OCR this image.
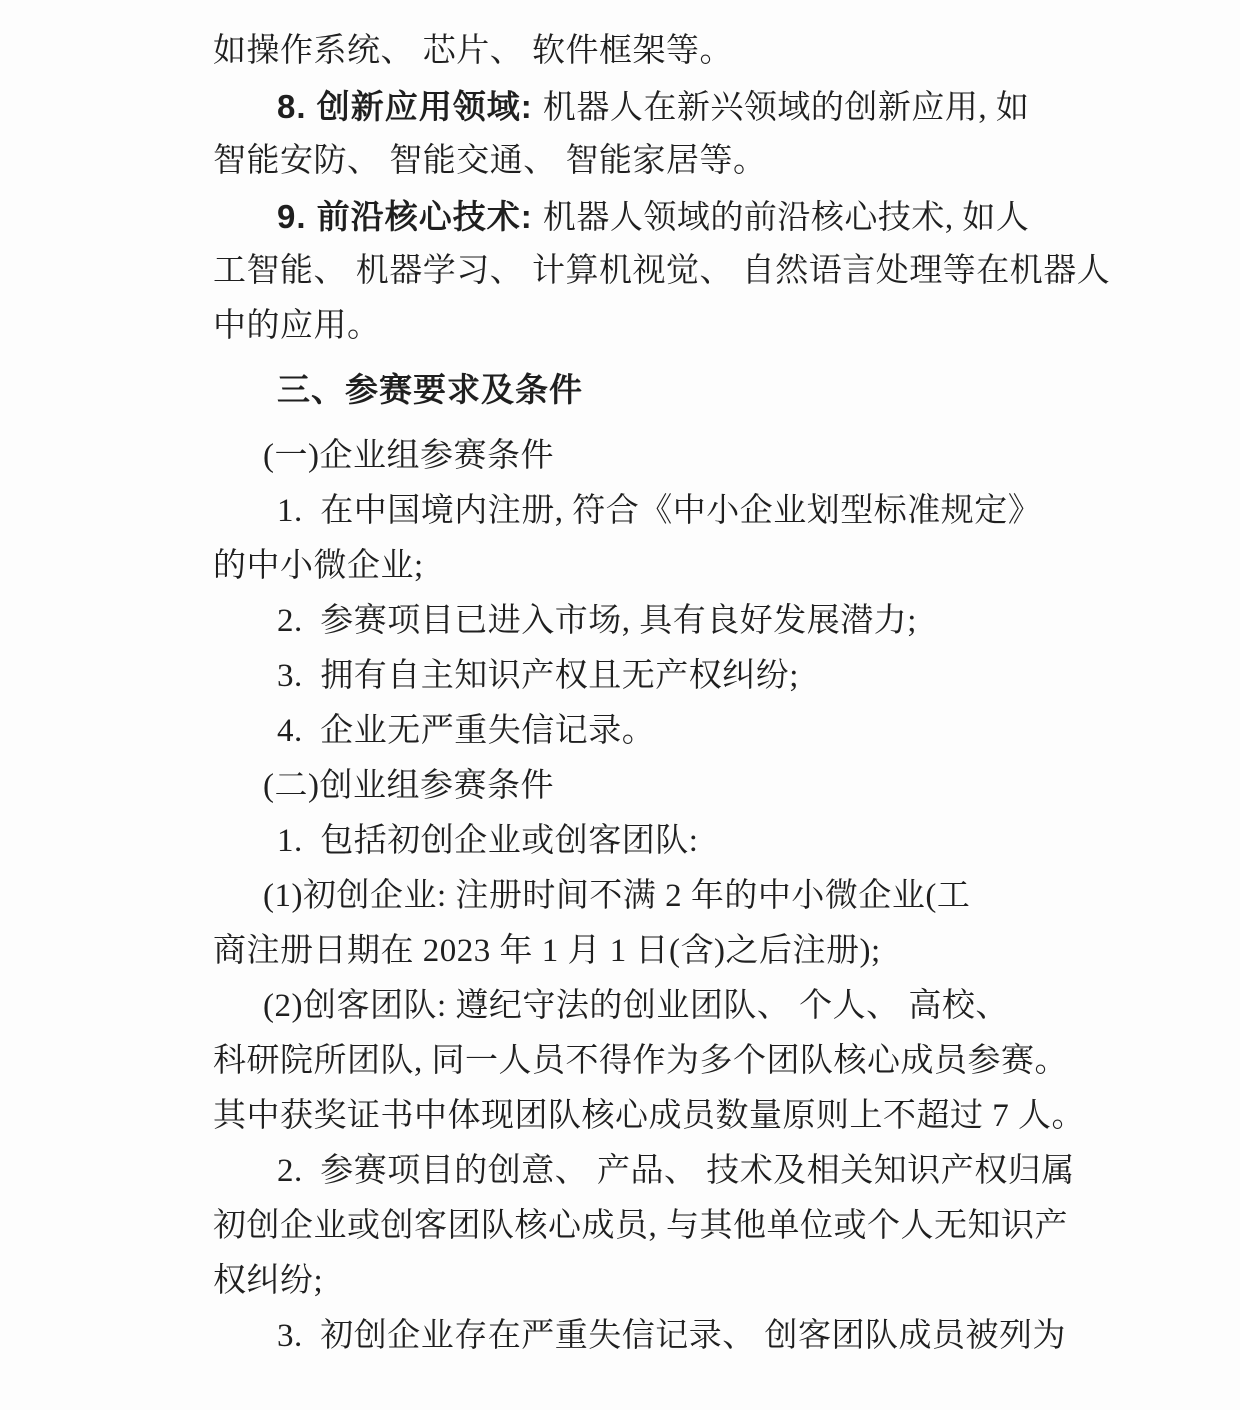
如操作系统、 芯片、 软件框架等。
8. 创新应用领域: 机器人在新兴领域的创新应用, 如
智能安防、 智能交通、 智能家居等。
9. 前沿核心技术: 机器人领域的前沿核心技术, 如人
工智能、 机器学习、 计算机视觉、 自然语言处理等在机器人
中的应用。
三、参赛要求及条件
(一)企业组参赛条件
1.  在中国境内注册, 符合《中小企业划型标准规定》
的中小微企业;
2.  参赛项目已进入市场, 具有良好发展潜力;
3.  拥有自主知识产权且无产权纠纷;
4.  企业无严重失信记录。
(二)创业组参赛条件
1.  包括初创企业或创客团队:
(1)初创企业: 注册时间不满 2 年的中小微企业(工
商注册日期在 2023 年 1 月 1 日(含)之后注册);
(2)创客团队: 遵纪守法的创业团队、 个人、 高校、
科研院所团队, 同一人员不得作为多个团队核心成员参赛。
其中获奖证书中体现团队核心成员数量原则上不超过 7 人。
2.  参赛项目的创意、 产品、 技术及相关知识产权归属
初创企业或创客团队核心成员, 与其他单位或个人无知识产
权纠纷;
3.  初创企业存在严重失信记录、 创客团队成员被列为
